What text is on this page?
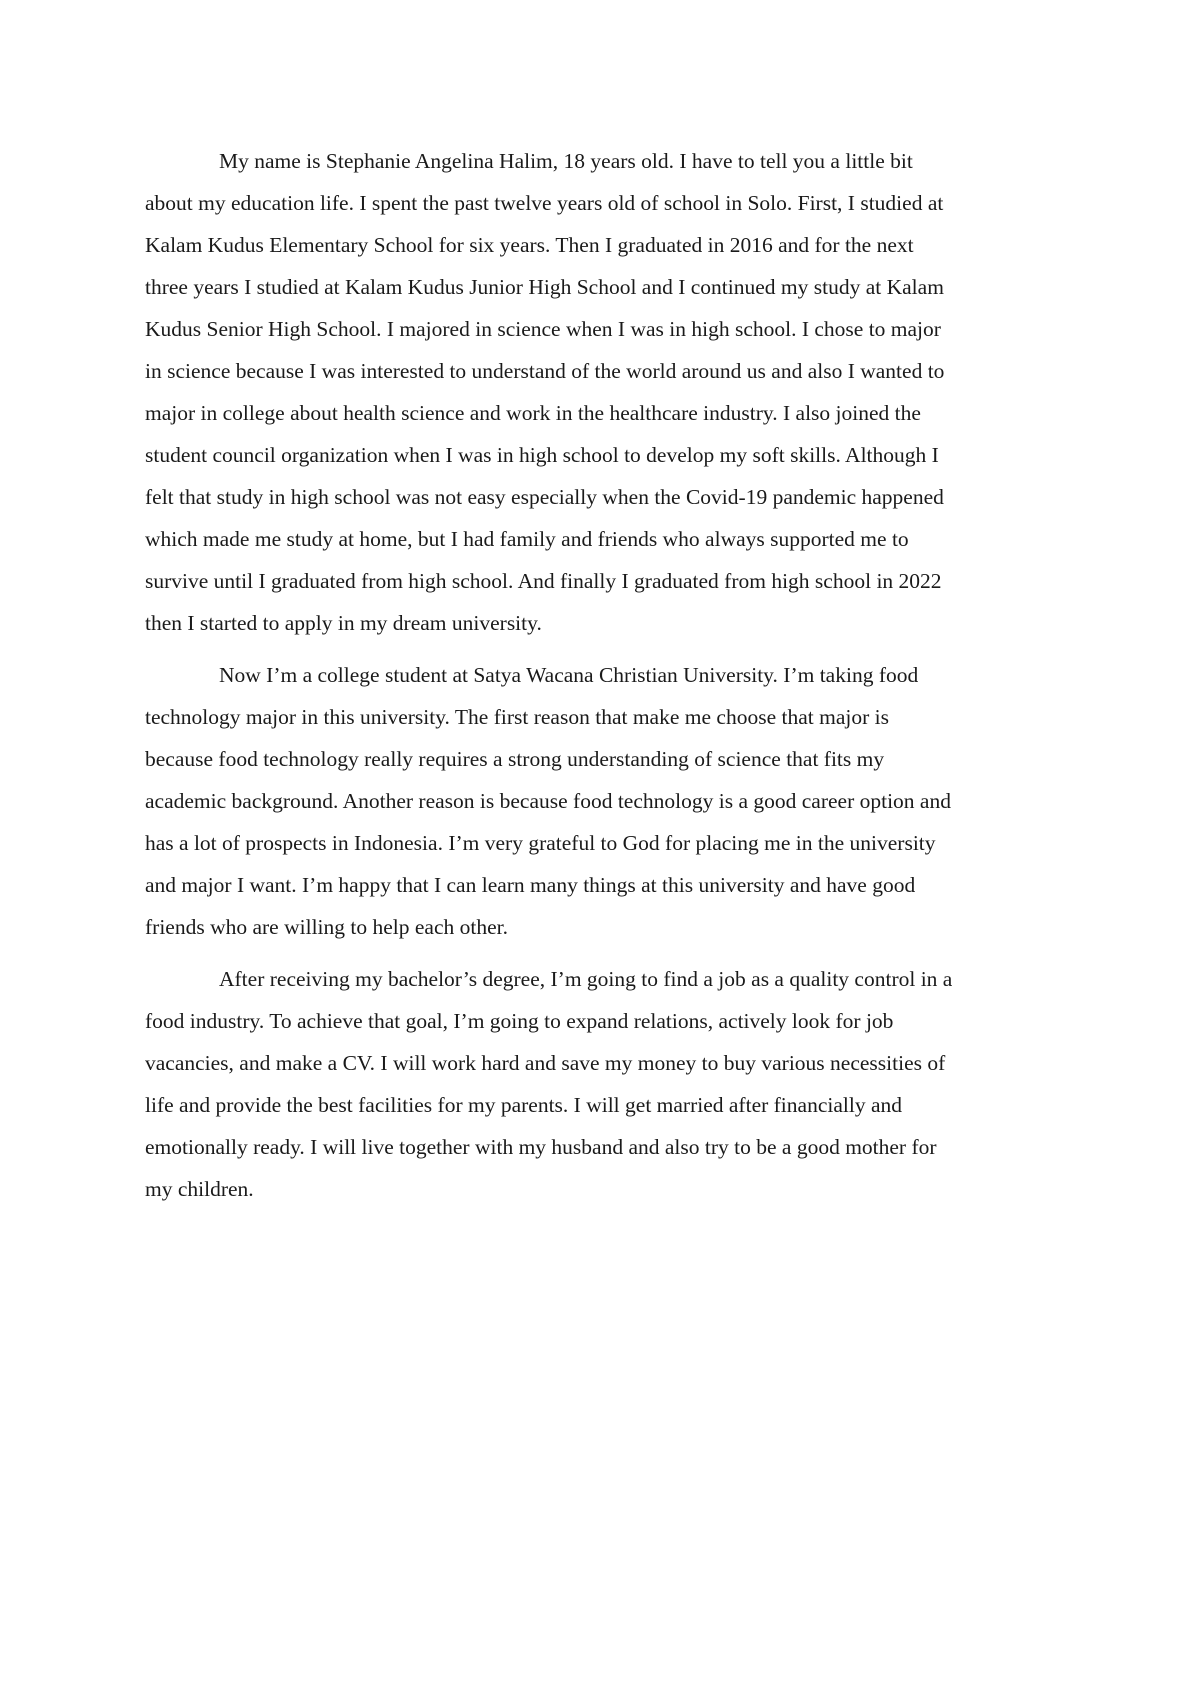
My name is Stephanie Angelina Halim, 18 years old. I have to tell you a little bit
about my education life. I spent the past twelve years old of school in Solo. First, I studied at
Kalam Kudus Elementary School for six years. Then I graduated in 2016 and for the next
three years I studied at Kalam Kudus Junior High School and I continued my study at Kalam
Kudus Senior High School. I majored in science when I was in high school. I chose to major
in science because I was interested to understand of the world around us and also I wanted to
major in college about health science and work in the healthcare industry. I also joined the
student council organization when I was in high school to develop my soft skills. Although I
felt that study in high school was not easy especially when the Covid-19 pandemic happened
which made me study at home, but I had family and friends who always supported me to
survive until I graduated from high school. And finally I graduated from high school in 2022
then I started to apply in my dream university.
Now I’m a college student at Satya Wacana Christian University. I’m taking food
technology major in this university. The first reason that make me choose that major is
because food technology really requires a strong understanding of science that fits my
academic background. Another reason is because food technology is a good career option and
has a lot of prospects in Indonesia. I’m very grateful to God for placing me in the university
and major I want. I’m happy that I can learn many things at this university and have good
friends who are willing to help each other.
After receiving my bachelor’s degree, I’m going to find a job as a quality control in a
food industry. To achieve that goal, I’m going to expand relations, actively look for job
vacancies, and make a CV. I will work hard and save my money to buy various necessities of
life and provide the best facilities for my parents. I will get married after financially and
emotionally ready. I will live together with my husband and also try to be a good mother for
my children.
